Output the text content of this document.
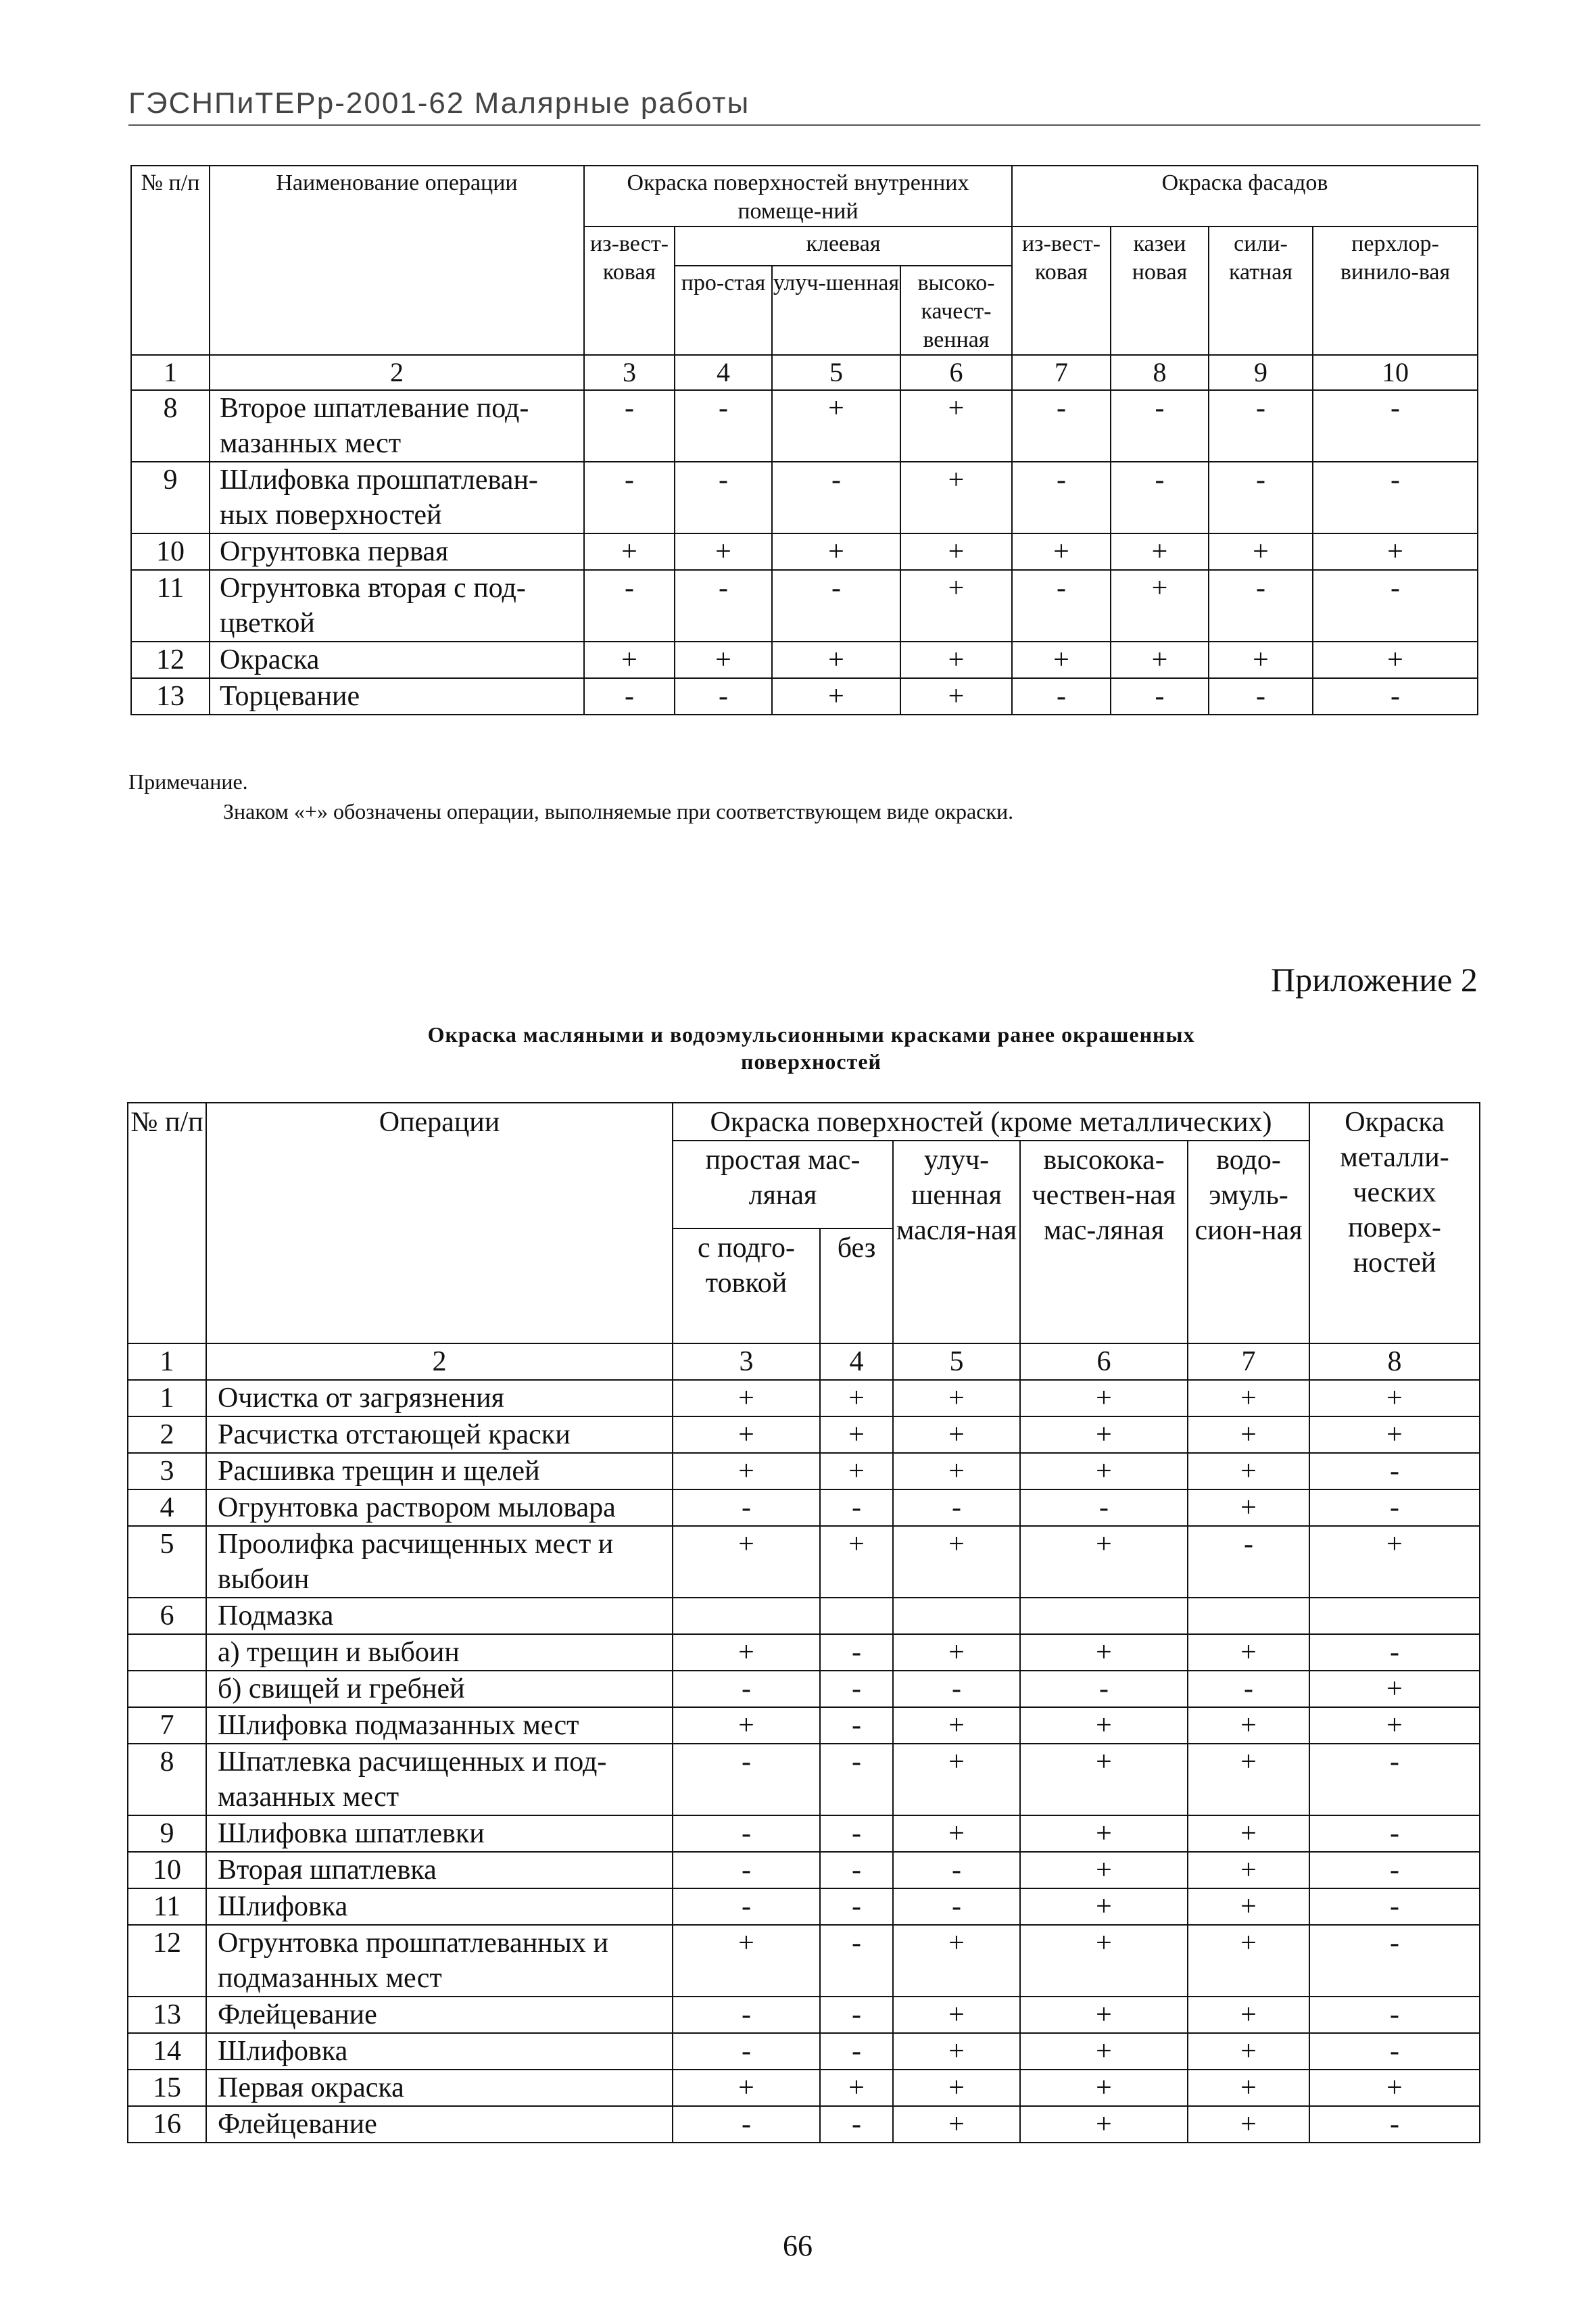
ГЭСНПиТЕРр-2001-62 Малярные работы
№ п/п	Наименование операции	Окраска поверхностей внутренних помеще-ний				Окраска фасадов			
		из-вест-ковая	клеевая			из-вест-ковая	казеи новая	сили-катная	перхлор-винило-вая
			про-стая	улуч-шенная	высоко-качест-венная				
1	2	3	4	5	6	7	8	9	10
8	Второе шпатлевание под-мазанных мест	-	-	+	+	-	-	-	-
9	Шлифовка прошпатлеван-ных поверхностей	-	-	-	+	-	-	-	-
10	Огрунтовка первая	+	+	+	+	+	+	+	+
11	Огрунтовка вторая с под-цветкой	-	-	-	+	-	+	-	-
12	Окраска	+	+	+	+	+	+	+	+
13	Торцевание	-	-	+	+	-	-	-	-
Примечание.
Знаком «+» обозначены операции, выполняемые при соответствующем виде окраски.
Приложение 2
Окраска масляными и водоэмульсионными красками ранее окрашенных поверхностей
№ п/п	Операции	Окраска поверхностей (кроме металлических)					Окраска металли-ческих поверх-ностей
		простая мас-ляная		улуч-шенная масля-ная	высокока-чествен-ная мас-ляная	водо-эмуль-сион-ная	
		с подго-товкой	без				
1	2	3	4	5	6	7	8
1	Очистка от загрязнения	+	+	+	+	+	+
2	Расчистка отстающей краски	+	+	+	+	+	+
3	Расшивка трещин и щелей	+	+	+	+	+	-
4	Огрунтовка раствором мыловара	-	-	-	-	+	-
5	Проолифка расчищенных мест и выбоин	+	+	+	+	-	+
6	Подмазка						
	а) трещин и выбоин	+	-	+	+	+	-
	б) свищей и гребней	-	-	-	-	-	+
7	Шлифовка подмазанных мест	+	-	+	+	+	+
8	Шпатлевка расчищенных и под-мазанных мест	-	-	+	+	+	-
9	Шлифовка шпатлевки	-	-	+	+	+	-
10	Вторая шпатлевка	-	-	-	+	+	-
11	Шлифовка	-	-	-	+	+	-
12	Огрунтовка прошпатлеванных и подмазанных мест	+	-	+	+	+	-
13	Флейцевание	-	-	+	+	+	-
14	Шлифовка	-	-	+	+	+	-
15	Первая окраска	+	+	+	+	+	+
16	Флейцевание	-	-	+	+	+	-
66
